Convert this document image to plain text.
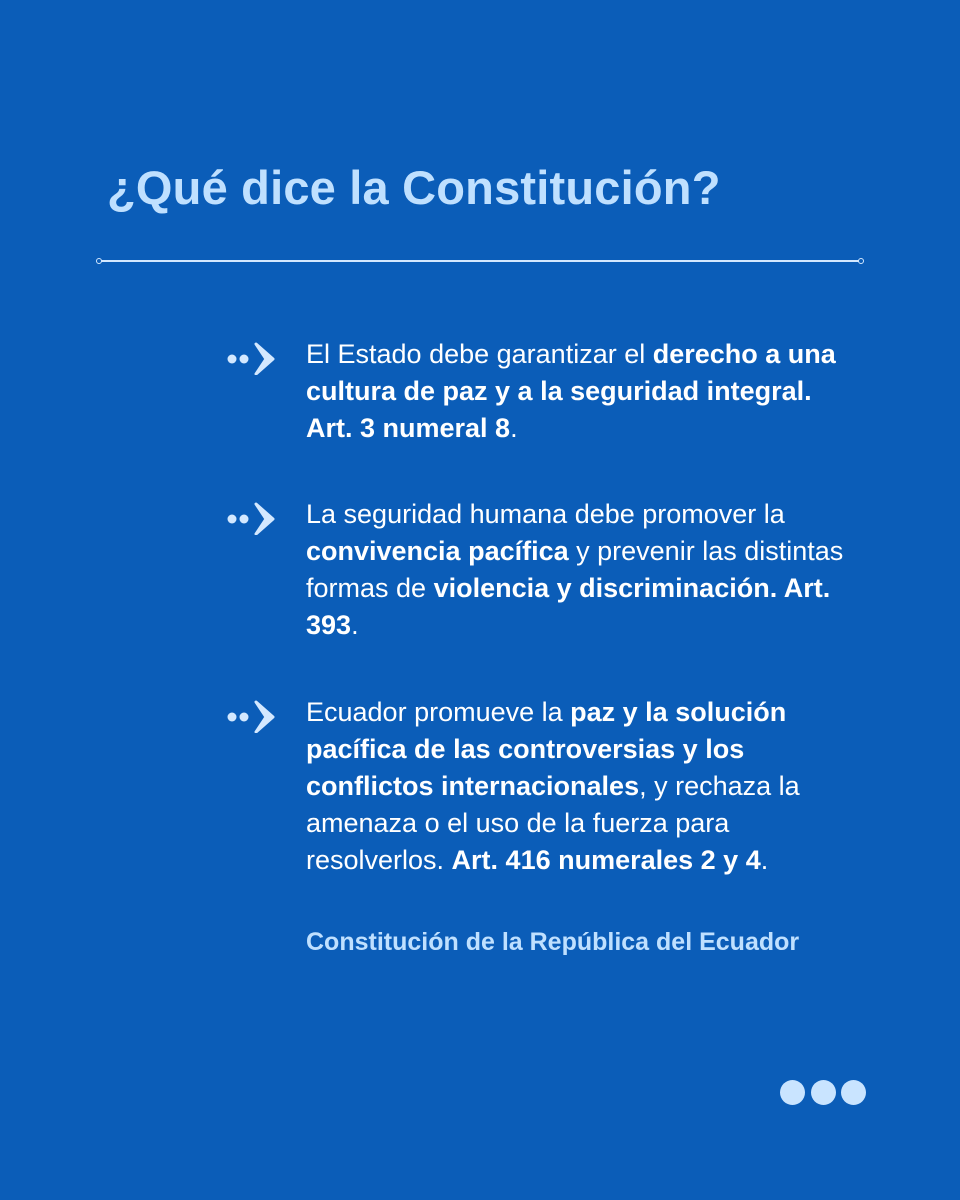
¿Qué dice la Constitución?

El Estado debe garantizar el derecho a una cultura de paz y a la seguridad integral. Art. 3 numeral 8.

La seguridad humana debe promover la convivencia pacífica y prevenir las distintas formas de violencia y discriminación. Art. 393.

Ecuador promueve la paz y la solución pacífica de las controversias y los conflictos internacionales, y rechaza la amenaza o el uso de la fuerza para resolverlos. Art. 416 numerales 2 y 4.

Constitución de la República del Ecuador
